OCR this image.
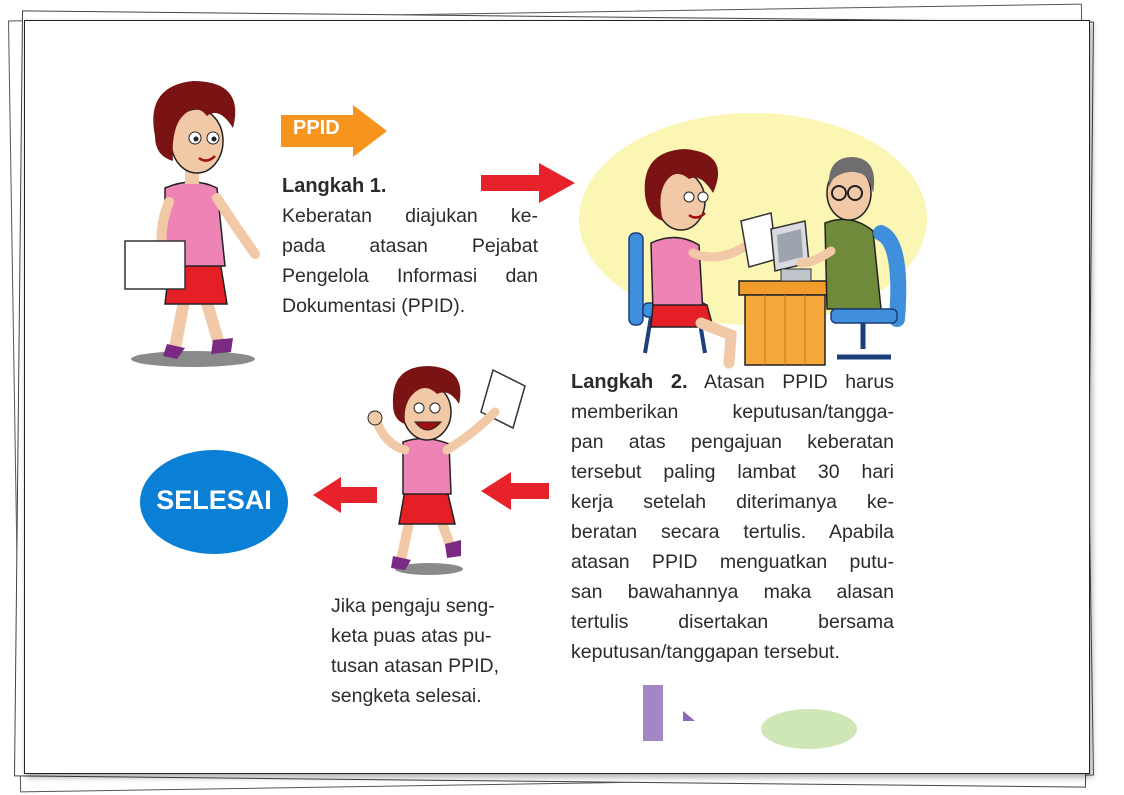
PPID
Langkah 1.
Keberatan diajukan ke-
pada atasan Pejabat
Pengelola Informasi dan
Dokumentasi (PPID).
Langkah 2. Atasan PPID harus
memberikan keputusan/tangga-
pan atas pengajuan keberatan
tersebut paling lambat 30 hari
kerja setelah diterimanya ke-
beratan secara tertulis. Apabila
atasan PPID menguatkan putu-
san bawahannya maka alasan
tertulis disertakan bersama
keputusan/tanggapan tersebut.
SELESAI
Jika pengaju seng-
keta puas atas pu-
tusan atasan PPID,
sengketa selesai.
